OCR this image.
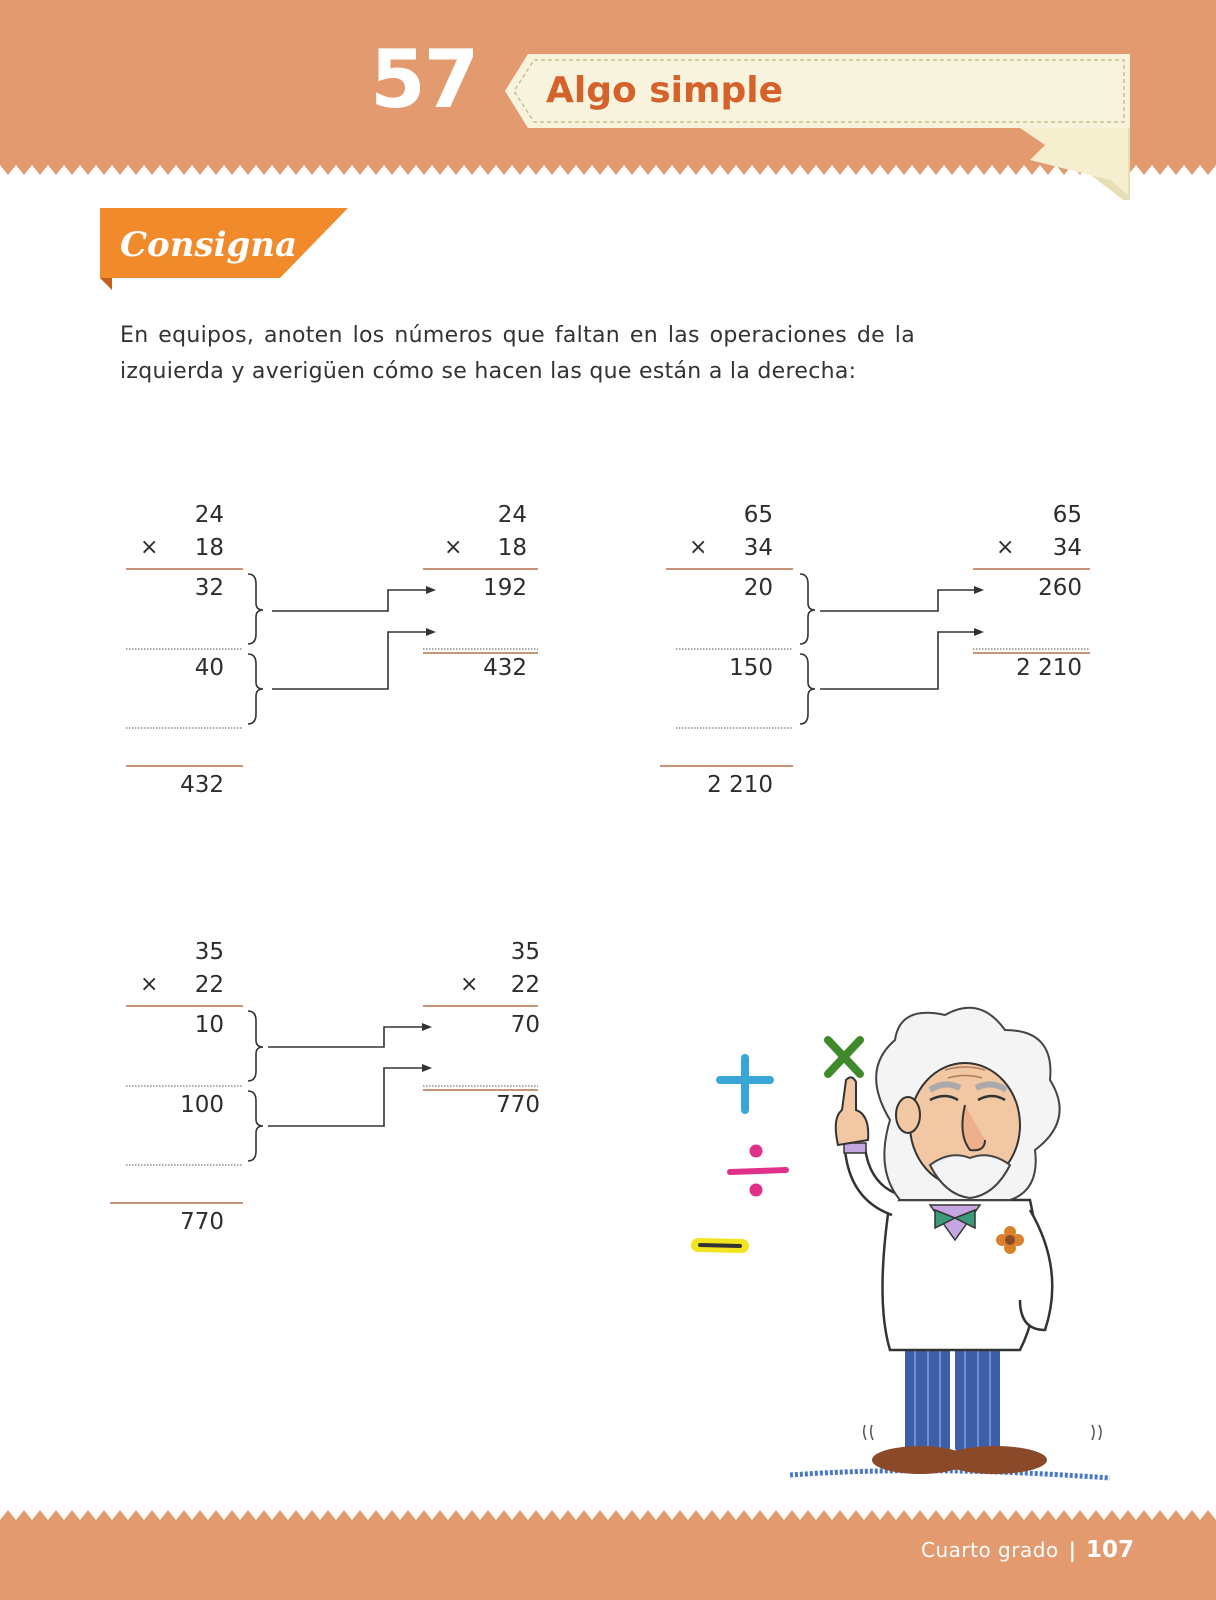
57 Algo simple
Consigna
En equipos, anoten los números que faltan en las operaciones de la izquierda y averigüen cómo se hacen las que están a la derecha:
24
×	18
32
40
432
24
×	18
192
432
65
×	34
20
150
2 210
65
×	34
260
2 210
35
×	22
10
100
770
35
×	22
70
770
Cuarto grado | 107
